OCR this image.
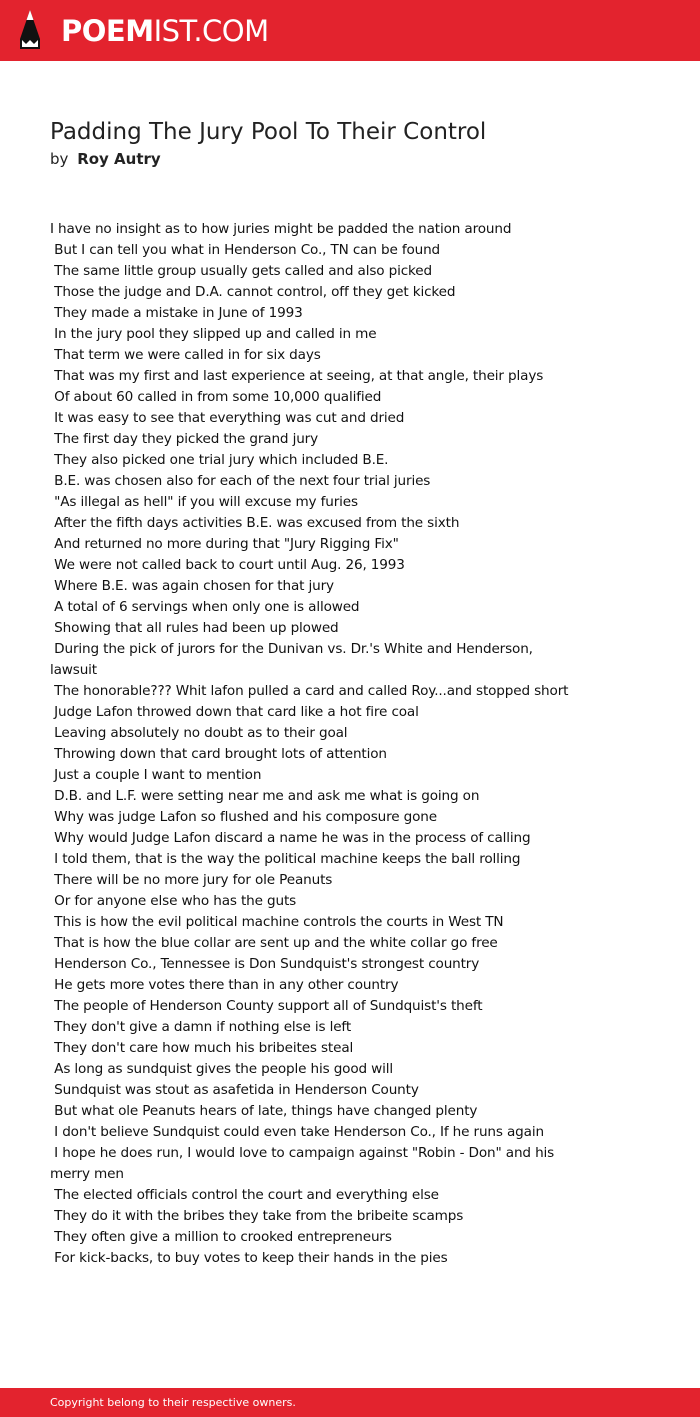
POEMIST.COM
Padding The Jury Pool To Their Control
by Roy Autry
I have no insight as to how juries might be padded the nation around
But I can tell you what in Henderson Co., TN can be found
The same little group usually gets called and also picked
Those the judge and D.A. cannot control, off they get kicked
They made a mistake in June of 1993
In the jury pool they slipped up and called in me
That term we were called in for six days
That was my first and last experience at seeing, at that angle, their plays
Of about 60 called in from some 10,000 qualified
It was easy to see that everything was cut and dried
The first day they picked the grand jury
They also picked one trial jury which included B.E.
B.E. was chosen also for each of the next four trial juries
"As illegal as hell" if you will excuse my furies
After the fifth days activities B.E. was excused from the sixth
And returned no more during that "Jury Rigging Fix"
We were not called back to court until Aug. 26, 1993
Where B.E. was again chosen for that jury
A total of 6 servings when only one is allowed
Showing that all rules had been up plowed
During the pick of jurors for the Dunivan vs. Dr.'s White and Henderson, lawsuit
The honorable??? Whit lafon pulled a card and called Roy...and stopped short
Judge Lafon throwed down that card like a hot fire coal
Leaving absolutely no doubt as to their goal
Throwing down that card brought lots of attention
Just a couple I want to mention
D.B. and L.F. were setting near me and ask me what is going on
Why was judge Lafon so flushed and his composure gone
Why would Judge Lafon discard a name he was in the process of calling
I told them, that is the way the political machine keeps the ball rolling
There will be no more jury for ole Peanuts
Or for anyone else who has the guts
This is how the evil political machine controls the courts in West TN
That is how the blue collar are sent up and the white collar go free
Henderson Co., Tennessee is Don Sundquist's strongest country
He gets more votes there than in any other country
The people of Henderson County support all of Sundquist's theft
They don't give a damn if nothing else is left
They don't care how much his bribeites steal
As long as sundquist gives the people his good will
Sundquist was stout as asafetida in Henderson County
But what ole Peanuts hears of late, things have changed plenty
I don't believe Sundquist could even take Henderson Co., If he runs again
I hope he does run, I would love to campaign against "Robin - Don" and his merry men
The elected officials control the court and everything else
They do it with the bribes they take from the bribeite scamps
They often give a million to crooked entrepreneurs
For kick-backs, to buy votes to keep their hands in the pies
Copyright belong to their respective owners.
